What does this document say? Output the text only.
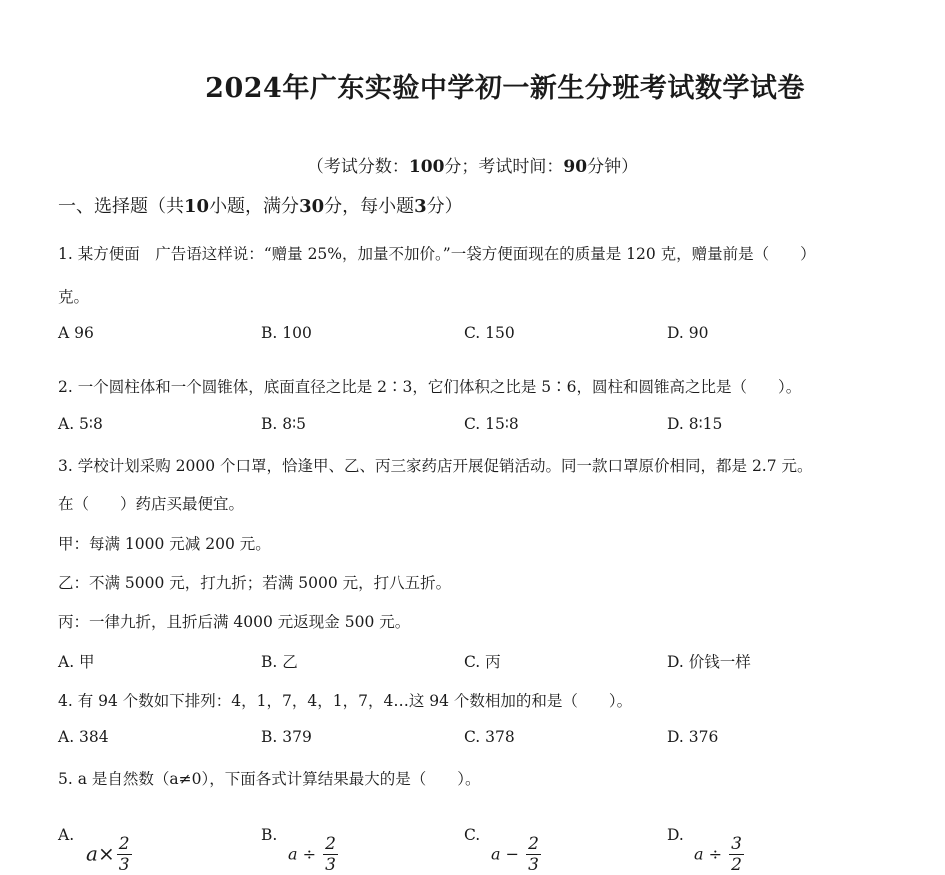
2024年广东实验中学初一新生分班考试数学试卷
（考试分数：100分；考试时间：90分钟）
一、选择题（共10小题，满分30分，每小题3分）
1. 某方便面　广告语这样说：“赠量 25%，加量不加价。”一袋方便面现在的质量是 120 克，赠量前是（　　）
克。
A 96	B. 100	C. 150	D. 90
2. 一个圆柱体和一个圆锥体，底面直径之比是 2∶3，它们体积之比是 5∶6，圆柱和圆锥高之比是（　　）。
A. 5∶8	B. 8∶5	C. 15∶8	D. 8∶15
3. 学校计划采购 2000 个口罩，恰逢甲、乙、丙三家药店开展促销活动。同一款口罩原价相同，都是 2.7 元。
在（　　）药店买最便宜。
甲：每满 1000 元减 200 元。
乙：不满 5000 元，打九折；若满 5000 元，打八五折。
丙：一律九折，且折后满 4000 元返现金 500 元。
A. 甲	B. 乙	C. 丙	D. 价钱一样
4. 有 94 个数如下排列：4，1，7，4，1，7，4…这 94 个数相加的和是（　　）。
A. 384	B. 379	C. 378	D. 376
5. a 是自然数（a≠0），下面各式计算结果最大的是（　　）。
A.
$a\times \frac{2}{3}$
B.
$a \div \frac{2}{3}$
C.
$a - \frac{2}{3}$
D.
$a \div \frac{3}{2}$
